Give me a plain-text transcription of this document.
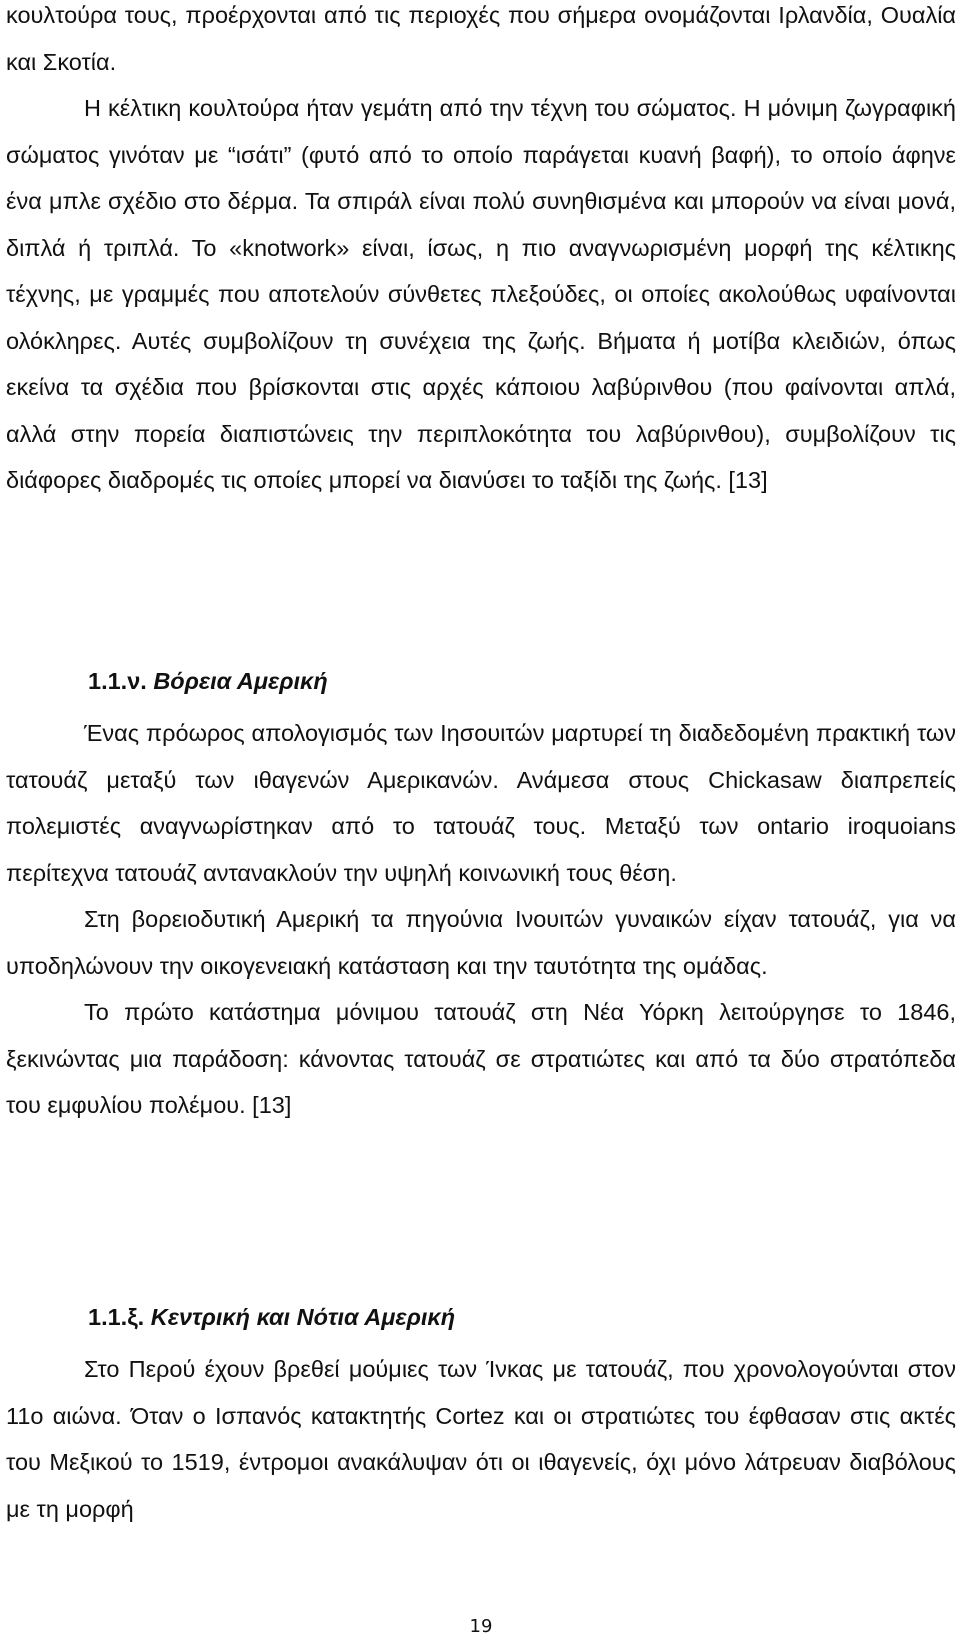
κουλτούρα τους, προέρχονται από τις περιοχές που σήμερα ονομάζονται Ιρλανδία, Ουαλία και Σκοτία.

Η κέλτικη κουλτούρα ήταν γεμάτη από την τέχνη του σώματος. Η μόνιμη ζωγραφική σώματος γινόταν με “ισάτι” (φυτό από το οποίο παράγεται κυανή βαφή), το οποίο άφηνε ένα μπλε σχέδιο στο δέρμα. Τα σπιράλ είναι πολύ συνηθισμένα και μπορούν να είναι μονά, διπλά ή τριπλά. Το «knotwork» είναι, ίσως, η πιο αναγνωρισμένη μορφή της κέλτικης τέχνης, με γραμμές που αποτελούν σύνθετες πλεξούδες, οι οποίες ακολούθως υφαίνονται ολόκληρες. Αυτές συμβολίζουν τη συνέχεια της ζωής. Βήματα ή μοτίβα κλειδιών, όπως εκείνα τα σχέδια που βρίσκονται στις αρχές κάποιου λαβύρινθου (που φαίνονται απλά, αλλά στην πορεία διαπιστώνεις την περιπλοκότητα του λαβύρινθου), συμβολίζουν τις διάφορες διαδρομές τις οποίες μπορεί να διανύσει το ταξίδι της ζωής. [13]

1.1.ν. Βόρεια Αμερική

Ένας πρόωρος απολογισμός των Ιησουιτών μαρτυρεί τη διαδεδομένη πρακτική των τατουάζ μεταξύ των ιθαγενών Αμερικανών. Ανάμεσα στους Chickasaw διαπρεπείς πολεμιστές αναγνωρίστηκαν από το τατουάζ τους. Μεταξύ των ontario iroquoians περίτεχνα τατουάζ αντανακλούν την υψηλή κοινωνική τους θέση.

Στη βορειοδυτική Αμερική τα πηγούνια Ινουιτών γυναικών είχαν τατουάζ, για να υποδηλώνουν την οικογενειακή κατάσταση και την ταυτότητα της ομάδας.

Το πρώτο κατάστημα μόνιμου τατουάζ στη Νέα Υόρκη λειτούργησε το 1846, ξεκινώντας μια παράδοση: κάνοντας τατουάζ σε στρατιώτες και από τα δύο στρατόπεδα του εμφυλίου πολέμου. [13]

1.1.ξ. Κεντρική και Νότια Αμερική

Στο Περού έχουν βρεθεί μούμιες των Ίνκας με τατουάζ, που χρονολογούνται στον 11ο αιώνα. Όταν ο Ισπανός κατακτητής Cortez και οι στρατιώτες του έφθασαν στις ακτές του Μεξικού το 1519, έντρομοι ανακάλυψαν ότι οι ιθαγενείς, όχι μόνο λάτρευαν διαβόλους με τη μορφή

19
